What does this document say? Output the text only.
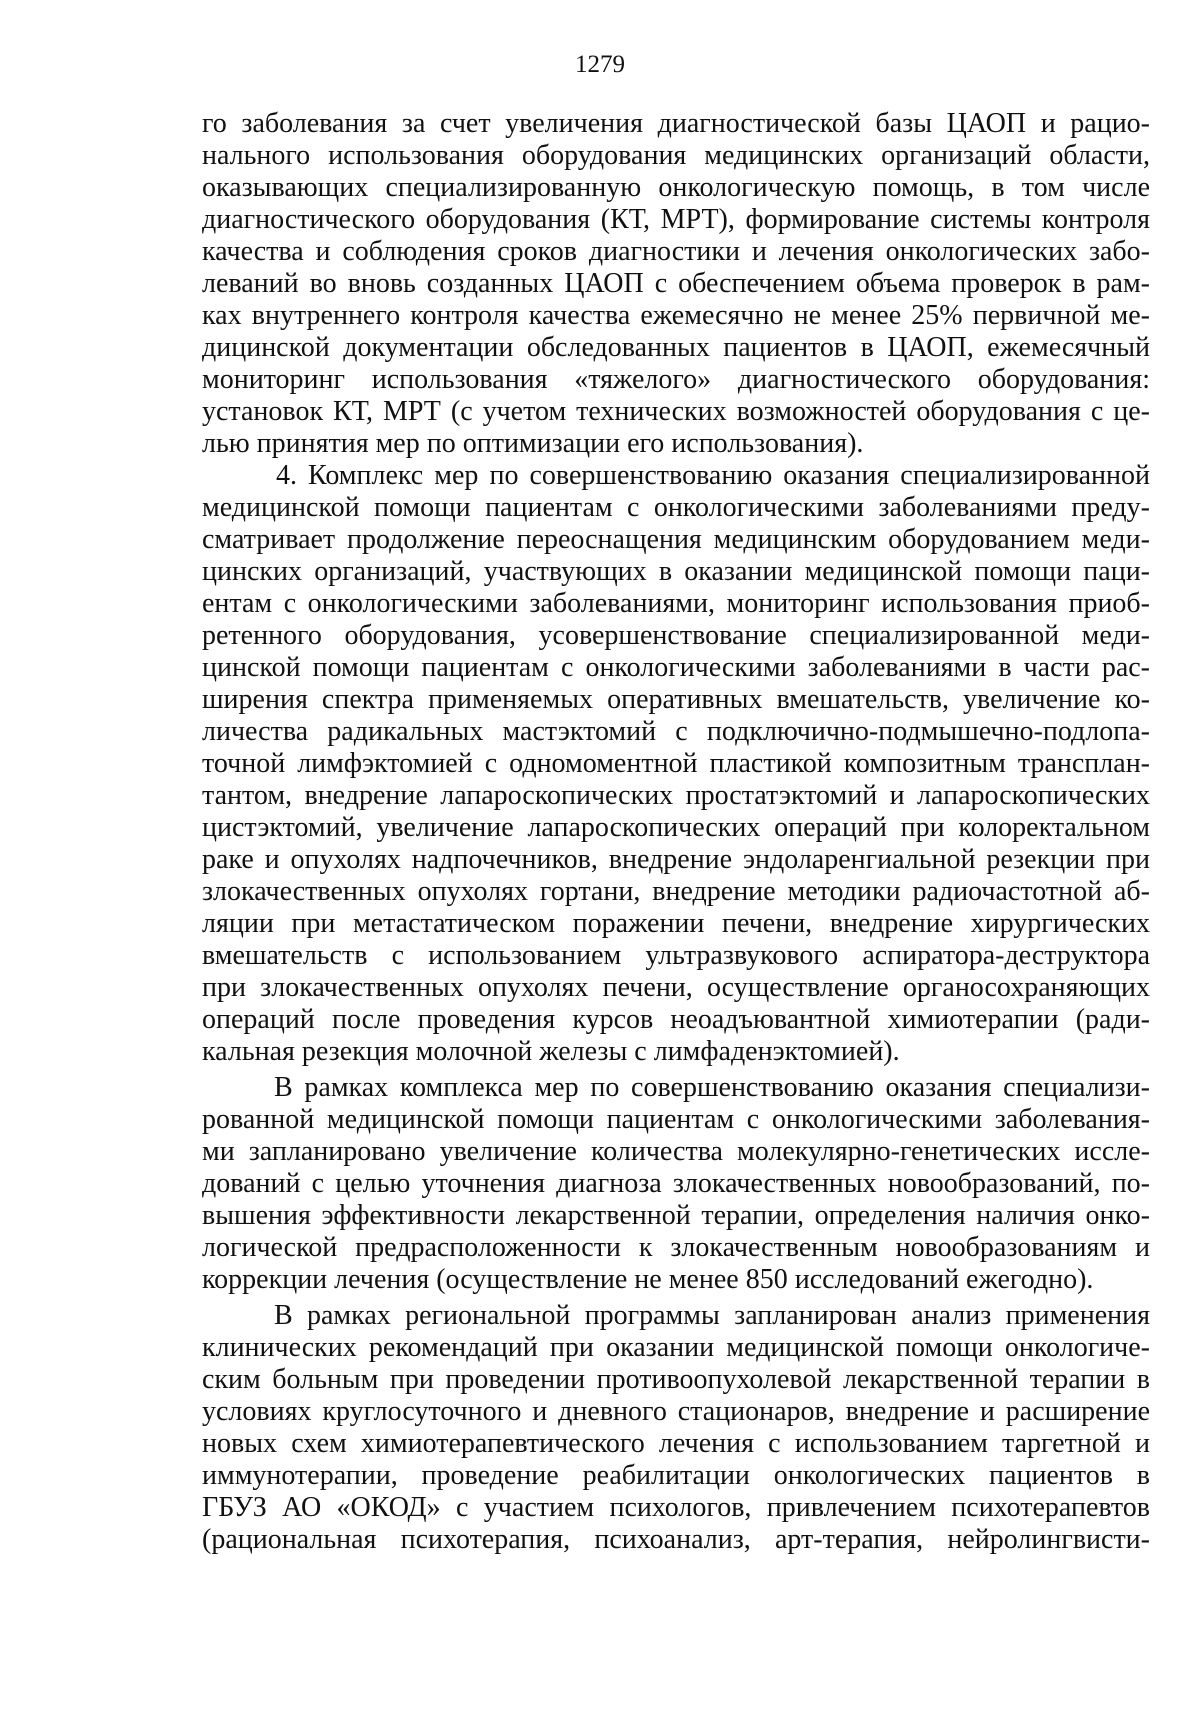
1279
го заболевания за счет увеличения диагностической базы ЦАОП и рацио-
нального использования оборудования медицинских организаций области,
оказывающих специализированную онкологическую помощь, в том числе
диагностического оборудования (КТ, МРТ), формирование системы контроля
качества и соблюдения сроков диагностики и лечения онкологических забо-
леваний во вновь созданных ЦАОП с обеспечением объема проверок в рам-
ках внутреннего контроля качества ежемесячно не менее 25% первичной ме-
дицинской документации обследованных пациентов в ЦАОП, ежемесячный
мониторинг использования «тяжелого» диагностического оборудования:
установок КТ, МРТ (с учетом технических возможностей оборудования с це-
лью принятия мер по оптимизации его использования).
4. Комплекс мер по совершенствованию оказания специализированной
медицинской помощи пациентам с онкологическими заболеваниями преду-
сматривает продолжение переоснащения медицинским оборудованием меди-
цинских организаций, участвующих в оказании медицинской помощи паци-
ентам с онкологическими заболеваниями, мониторинг использования приоб-
ретенного оборудования, усовершенствование специализированной меди-
цинской помощи пациентам с онкологическими заболеваниями в части рас-
ширения спектра применяемых оперативных вмешательств, увеличение ко-
личества радикальных мастэктомий с подключично-подмышечно-подлопа-
точной лимфэктомией с одномоментной пластикой композитным трансплан-
тантом, внедрение лапароскопических простатэктомий и лапароскопических
цистэктомий, увеличение лапароскопических операций при колоректальном
раке и опухолях надпочечников, внедрение эндоларенгиальной резекции при
злокачественных опухолях гортани, внедрение методики радиочастотной аб-
ляции при метастатическом поражении печени, внедрение хирургических
вмешательств с использованием ультразвукового аспиратора-деструктора
при злокачественных опухолях печени, осуществление органосохраняющих
операций после проведения курсов неоадъювантной химиотерапии (ради-
кальная резекция молочной железы с лимфаденэктомией).
В рамках комплекса мер по совершенствованию оказания специализи-
рованной медицинской помощи пациентам с онкологическими заболевания-
ми запланировано увеличение количества молекулярно-генетических иссле-
дований с целью уточнения диагноза злокачественных новообразований, по-
вышения эффективности лекарственной терапии, определения наличия онко-
логической предрасположенности к злокачественным новообразованиям и
коррекции лечения (осуществление не менее 850 исследований ежегодно).
В рамках региональной программы запланирован анализ применения
клинических рекомендаций при оказании медицинской помощи онкологиче-
ским больным при проведении противоопухолевой лекарственной терапии в
условиях круглосуточного и дневного стационаров, внедрение и расширение
новых схем химиотерапевтического лечения с использованием таргетной и
иммунотерапии, проведение реабилитации онкологических пациентов в
ГБУЗ АО «ОКОД» с участием психологов, привлечением психотерапевтов
(рациональная психотерапия, психоанализ, арт-терапия, нейролингвисти-
